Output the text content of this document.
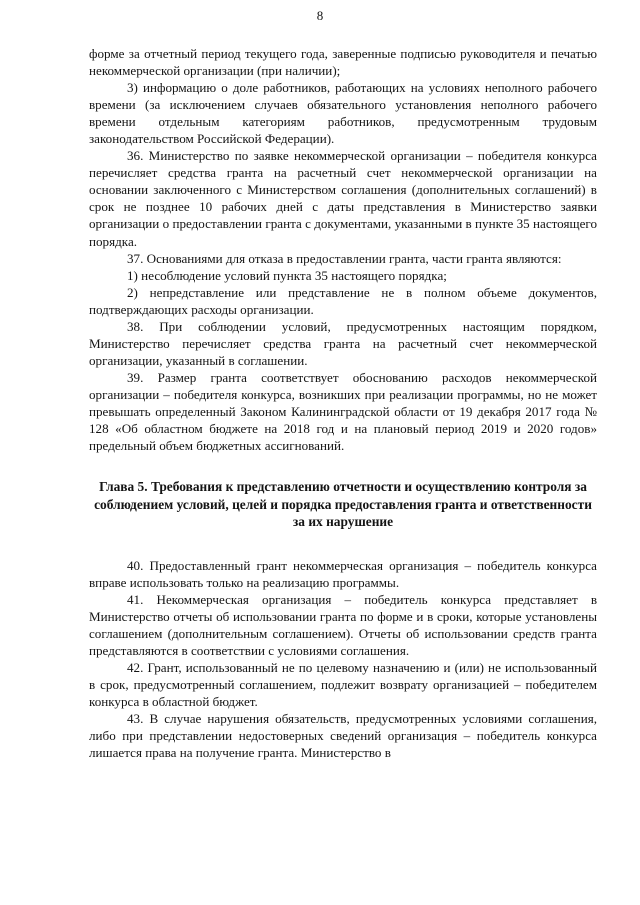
8

форме за отчетный период текущего года, заверенные подписью руководителя и печатью некоммерческой организации (при наличии);

3) информацию о доле работников, работающих на условиях неполного рабочего времени (за исключением случаев обязательного установления неполного рабочего времени отдельным категориям работников, предусмотренным трудовым законодательством Российской Федерации).

36. Министерство по заявке некоммерческой организации – победителя конкурса перечисляет средства гранта на расчетный счет некоммерческой организации на основании заключенного с Министерством соглашения (дополнительных соглашений) в срок не позднее 10 рабочих дней с даты представления в Министерство заявки организации о предоставлении гранта с документами, указанными в пункте 35 настоящего порядка.

37. Основаниями для отказа в предоставлении гранта, части гранта являются:

1) несоблюдение условий пункта 35 настоящего порядка;

2) непредставление или представление не в полном объеме документов, подтверждающих расходы организации.

38. При соблюдении условий, предусмотренных настоящим порядком, Министерство перечисляет средства гранта на расчетный счет некоммерческой организации, указанный в соглашении.

39. Размер гранта соответствует обоснованию расходов некоммерческой организации – победителя конкурса, возникших при реализации программы, но не может превышать определенный Законом Калининградской области от 19 декабря 2017 года № 128 «Об областном бюджете на 2018 год и на плановый период 2019 и 2020 годов» предельный объем бюджетных ассигнований.

Глава 5. Требования к представлению отчетности и осуществлению контроля за соблюдением условий, целей и порядка предоставления гранта и ответственности за их нарушение

40. Предоставленный грант некоммерческая организация – победитель конкурса вправе использовать только на реализацию программы.

41. Некоммерческая организация – победитель конкурса представляет в Министерство отчеты об использовании гранта по форме и в сроки, которые установлены соглашением (дополнительным соглашением). Отчеты об использовании средств гранта представляются в соответствии с условиями соглашения.

42. Грант, использованный не по целевому назначению и (или) не использованный в срок, предусмотренный соглашением, подлежит возврату организацией – победителем конкурса в областной бюджет.

43. В случае нарушения обязательств, предусмотренных условиями соглашения, либо при представлении недостоверных сведений организация – победитель конкурса лишается права на получение гранта. Министерство в
